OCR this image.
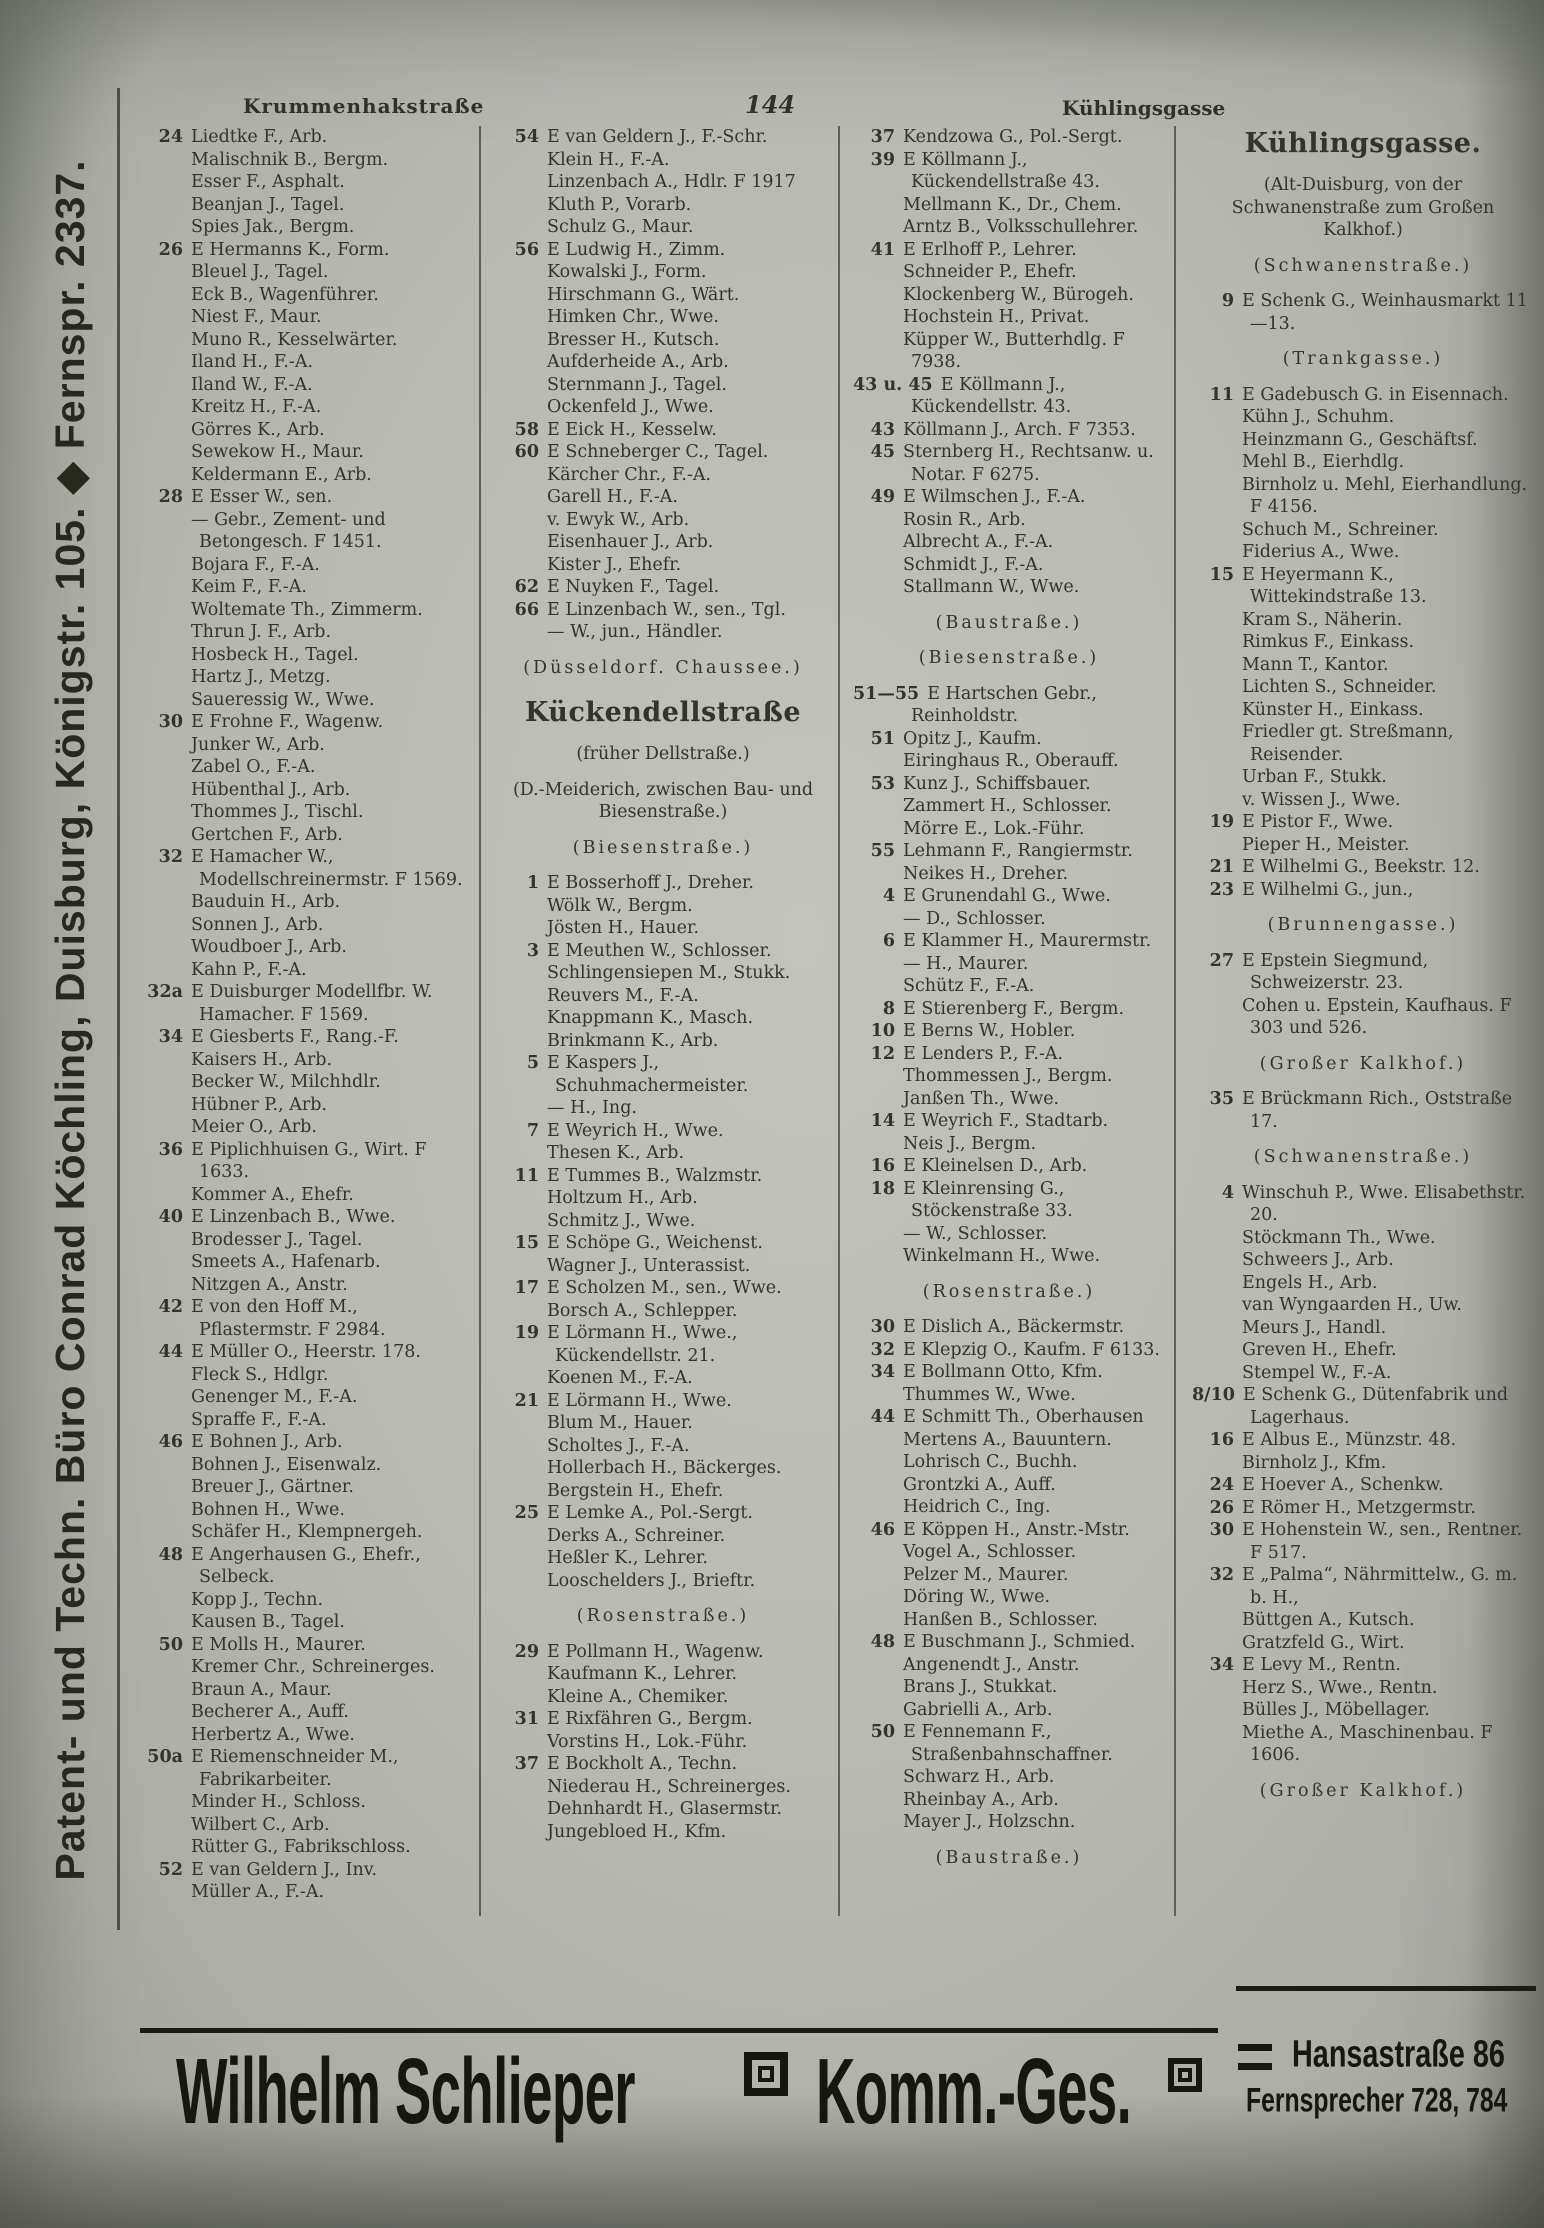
Patent- und Techn. Büro Conrad Köchling, Duisburg, Königstr. 105. ◆ Fernspr. 2337.
Krummenhakstraße	144	Kühlingsgasse
24 Liedtke F., Arb.
Malischnik B., Bergm.
Esser F., Asphalt.
Beanjan J., Tagel.
Spies Jak., Bergm.
26 E Hermanns K., Form.
Bleuel J., Tagel.
Eck B., Wagenführer.
Niest F., Maur.
Muno R., Kesselwärter.
Iland H., F.-A.
Iland W., F.-A.
Kreitz H., F.-A.
Görres K., Arb.
Sewekow H., Maur.
Keldermann E., Arb.
28 E Esser W., sen.
— Gebr., Zement- und Betongesch. F 1451.
Bojara F., F.-A.
Keim F., F.-A.
Woltemate Th., Zimmerm.
Thrun J. F., Arb.
Hosbeck H., Tagel.
Hartz J., Metzg.
Saueressig W., Wwe.
30 E Frohne F., Wagenw.
Junker W., Arb.
Zabel O., F.-A.
Hübenthal J., Arb.
Thommes J., Tischl.
Gertchen F., Arb.
32 E Hamacher W., Modellschreinermstr. F 1569.
Bauduin H., Arb.
Sonnen J., Arb.
Woudboer J., Arb.
Kahn P., F.-A.
32a E Duisburger Modellfbr. W. Hamacher. F 1569.
34 E Giesberts F., Rang.-F.
Kaisers H., Arb.
Becker W., Milchhdlr.
Hübner P., Arb.
Meier O., Arb.
36 E Piplichhuisen G., Wirt. F 1633.
Kommer A., Ehefr.
40 E Linzenbach B., Wwe.
Brodesser J., Tagel.
Smeets A., Hafenarb.
Nitzgen A., Anstr.
42 E von den Hoff M., Pflastermstr. F 2984.
44 E Müller O., Heerstr. 178.
Fleck S., Hdlgr.
Genenger M., F.-A.
Spraffe F., F.-A.
46 E Bohnen J., Arb.
Bohnen J., Eisenwalz.
Breuer J., Gärtner.
Bohnen H., Wwe.
Schäfer H., Klempnergeh.
48 E Angerhausen G., Ehefr., Selbeck.
Kopp J., Techn.
Kausen B., Tagel.
50 E Molls H., Maurer.
Kremer Chr., Schreinerges.
Braun A., Maur.
Becherer A., Auff.
Herbertz A., Wwe.
50a E Riemenschneider M., Fabrikarbeiter.
Minder H., Schloss.
Wilbert C., Arb.
Rütter G., Fabrikschloss.
52 E van Geldern J., Inv.
Müller A., F.-A.
54 E van Geldern J., F.-Schr.
Klein H., F.-A.
Linzenbach A., Hdlr. F 1917
Kluth P., Vorarb.
Schulz G., Maur.
56 E Ludwig H., Zimm.
Kowalski J., Form.
Hirschmann G., Wärt.
Himken Chr., Wwe.
Bresser H., Kutsch.
Aufderheide A., Arb.
Sternmann J., Tagel.
Ockenfeld J., Wwe.
58 E Eick H., Kesselw.
60 E Schneberger C., Tagel.
Kärcher Chr., F.-A.
Garell H., F.-A.
v. Ewyk W., Arb.
Eisenhauer J., Arb.
Kister J., Ehefr.
62 E Nuyken F., Tagel.
66 E Linzenbach W., sen., Tgl.
— W., jun., Händler.
(Düsseldorf. Chaussee.)
Kückendellstraße
(früher Dellstraße.)
(D.-Meiderich, zwischen Bau- und Biesenstraße.)
(Biesenstraße.)
1 E Bosserhoff J., Dreher.
Wölk W., Bergm.
Jösten H., Hauer.
3 E Meuthen W., Schlosser.
Schlingensiepen M., Stukk.
Reuvers M., F.-A.
Knappmann K., Masch.
Brinkmann K., Arb.
5 E Kaspers J., Schuhmachermeister.
— H., Ing.
7 E Weyrich H., Wwe.
Thesen K., Arb.
11 E Tummes B., Walzmstr.
Holtzum H., Arb.
Schmitz J., Wwe.
15 E Schöpe G., Weichenst.
Wagner J., Unterassist.
17 E Scholzen M., sen., Wwe.
Borsch A., Schlepper.
19 E Lörmann H., Wwe., Kückendellstr. 21.
Koenen M., F.-A.
21 E Lörmann H., Wwe.
Blum M., Hauer.
Scholtes J., F.-A.
Hollerbach H., Bäckerges.
Bergstein H., Ehefr.
25 E Lemke A., Pol.-Sergt.
Derks A., Schreiner.
Heßler K., Lehrer.
Looschelders J., Brieftr.
(Rosenstraße.)
29 E Pollmann H., Wagenw.
Kaufmann K., Lehrer.
Kleine A., Chemiker.
31 E Rixfähren G., Bergm.
Vorstins H., Lok.-Führ.
37 E Bockholt A., Techn.
Niederau H., Schreinerges.
Dehnhardt H., Glasermstr.
Jungebloed H., Kfm.
37 Kendzowa G., Pol.-Sergt.
39 E Köllmann J., Kückendellstraße 43.
Mellmann K., Dr., Chem.
Arntz B., Volksschullehrer.
41 E Erlhoff P., Lehrer.
Schneider P., Ehefr.
Klockenberg W., Bürogeh.
Hochstein H., Privat.
Küpper W., Butterhdlg. F 7938.
43 u. 45 E Köllmann J., Kückendellstr. 43.
43 Köllmann J., Arch. F 7353.
45 Sternberg H., Rechtsanw. u. Notar. F 6275.
49 E Wilmschen J., F.-A.
Rosin R., Arb.
Albrecht A., F.-A.
Schmidt J., F.-A.
Stallmann W., Wwe.
(Baustraße.)
(Biesenstraße.)
51—55 E Hartschen Gebr., Reinholdstr.
51 Opitz J., Kaufm.
Eiringhaus R., Oberauff.
53 Kunz J., Schiffsbauer.
Zammert H., Schlosser.
Mörre E., Lok.-Führ.
55 Lehmann F., Rangiermstr.
Neikes H., Dreher.
4 E Grunendahl G., Wwe.
— D., Schlosser.
6 E Klammer H., Maurermstr.
— H., Maurer.
Schütz F., F.-A.
8 E Stierenberg F., Bergm.
10 E Berns W., Hobler.
12 E Lenders P., F.-A.
Thommessen J., Bergm.
Janßen Th., Wwe.
14 E Weyrich F., Stadtarb.
Neis J., Bergm.
16 E Kleinelsen D., Arb.
18 E Kleinrensing G., Stöckenstraße 33.
— W., Schlosser.
Winkelmann H., Wwe.
(Rosenstraße.)
30 E Dislich A., Bäckermstr.
32 E Klepzig O., Kaufm. F 6133.
34 E Bollmann Otto, Kfm.
Thummes W., Wwe.
44 E Schmitt Th., Oberhausen
Mertens A., Bauuntern.
Lohrisch C., Buchh.
Grontzki A., Auff.
Heidrich C., Ing.
46 E Köppen H., Anstr.-Mstr.
Vogel A., Schlosser.
Pelzer M., Maurer.
Döring W., Wwe.
Hanßen B., Schlosser.
48 E Buschmann J., Schmied.
Angenendt J., Anstr.
Brans J., Stukkat.
Gabrielli A., Arb.
50 E Fennemann F., Straßenbahnschaffner.
Schwarz H., Arb.
Rheinbay A., Arb.
Mayer J., Holzschn.
(Baustraße.)
Kühlingsgasse.
(Alt-Duisburg, von der Schwanenstraße zum Großen Kalkhof.)
(Schwanenstraße.)
9 E Schenk G., Weinhausmarkt 11—13.
(Trankgasse.)
11 E Gadebusch G. in Eisennach.
Kühn J., Schuhm.
Heinzmann G., Geschäftsf.
Mehl B., Eierhdlg.
Birnholz u. Mehl, Eierhandlung. F 4156.
Schuch M., Schreiner.
Fiderius A., Wwe.
15 E Heyermann K., Wittekindstraße 13.
Kram S., Näherin.
Rimkus F., Einkass.
Mann T., Kantor.
Lichten S., Schneider.
Künster H., Einkass.
Friedler gt. Streßmann, Reisender.
Urban F., Stukk.
v. Wissen J., Wwe.
19 E Pistor F., Wwe.
Pieper H., Meister.
21 E Wilhelmi G., Beekstr. 12.
23 E Wilhelmi G., jun.,
(Brunnengasse.)
27 E Epstein Siegmund, Schweizerstr. 23.
Cohen u. Epstein, Kaufhaus. F 303 und 526.
(Großer Kalkhof.)
35 E Brückmann Rich., Oststraße 17.
(Schwanenstraße.)
4 Winschuh P., Wwe. Elisabethstr. 20.
Stöckmann Th., Wwe.
Schweers J., Arb.
Engels H., Arb.
van Wyngaarden H., Uw.
Meurs J., Handl.
Greven H., Ehefr.
Stempel W., F.-A.
8/10 E Schenk G., Dütenfabrik und Lagerhaus.
16 E Albus E., Münzstr. 48.
Birnholz J., Kfm.
24 E Hoever A., Schenkw.
26 E Römer H., Metzgermstr.
30 E Hohenstein W., sen., Rentner. F 517.
32 E „Palma“, Nährmittelw., G. m. b. H.,
Büttgen A., Kutsch.
Gratzfeld G., Wirt.
34 E Levy M., Rentn.
Herz S., Wwe., Rentn.
Bülles J., Möbellager.
Miethe A., Maschinenbau. F 1606.
(Großer Kalkhof.)
Wilhelm Schlieper Komm.-Ges.	Hansastraße 86
Fernsprecher 728, 784
